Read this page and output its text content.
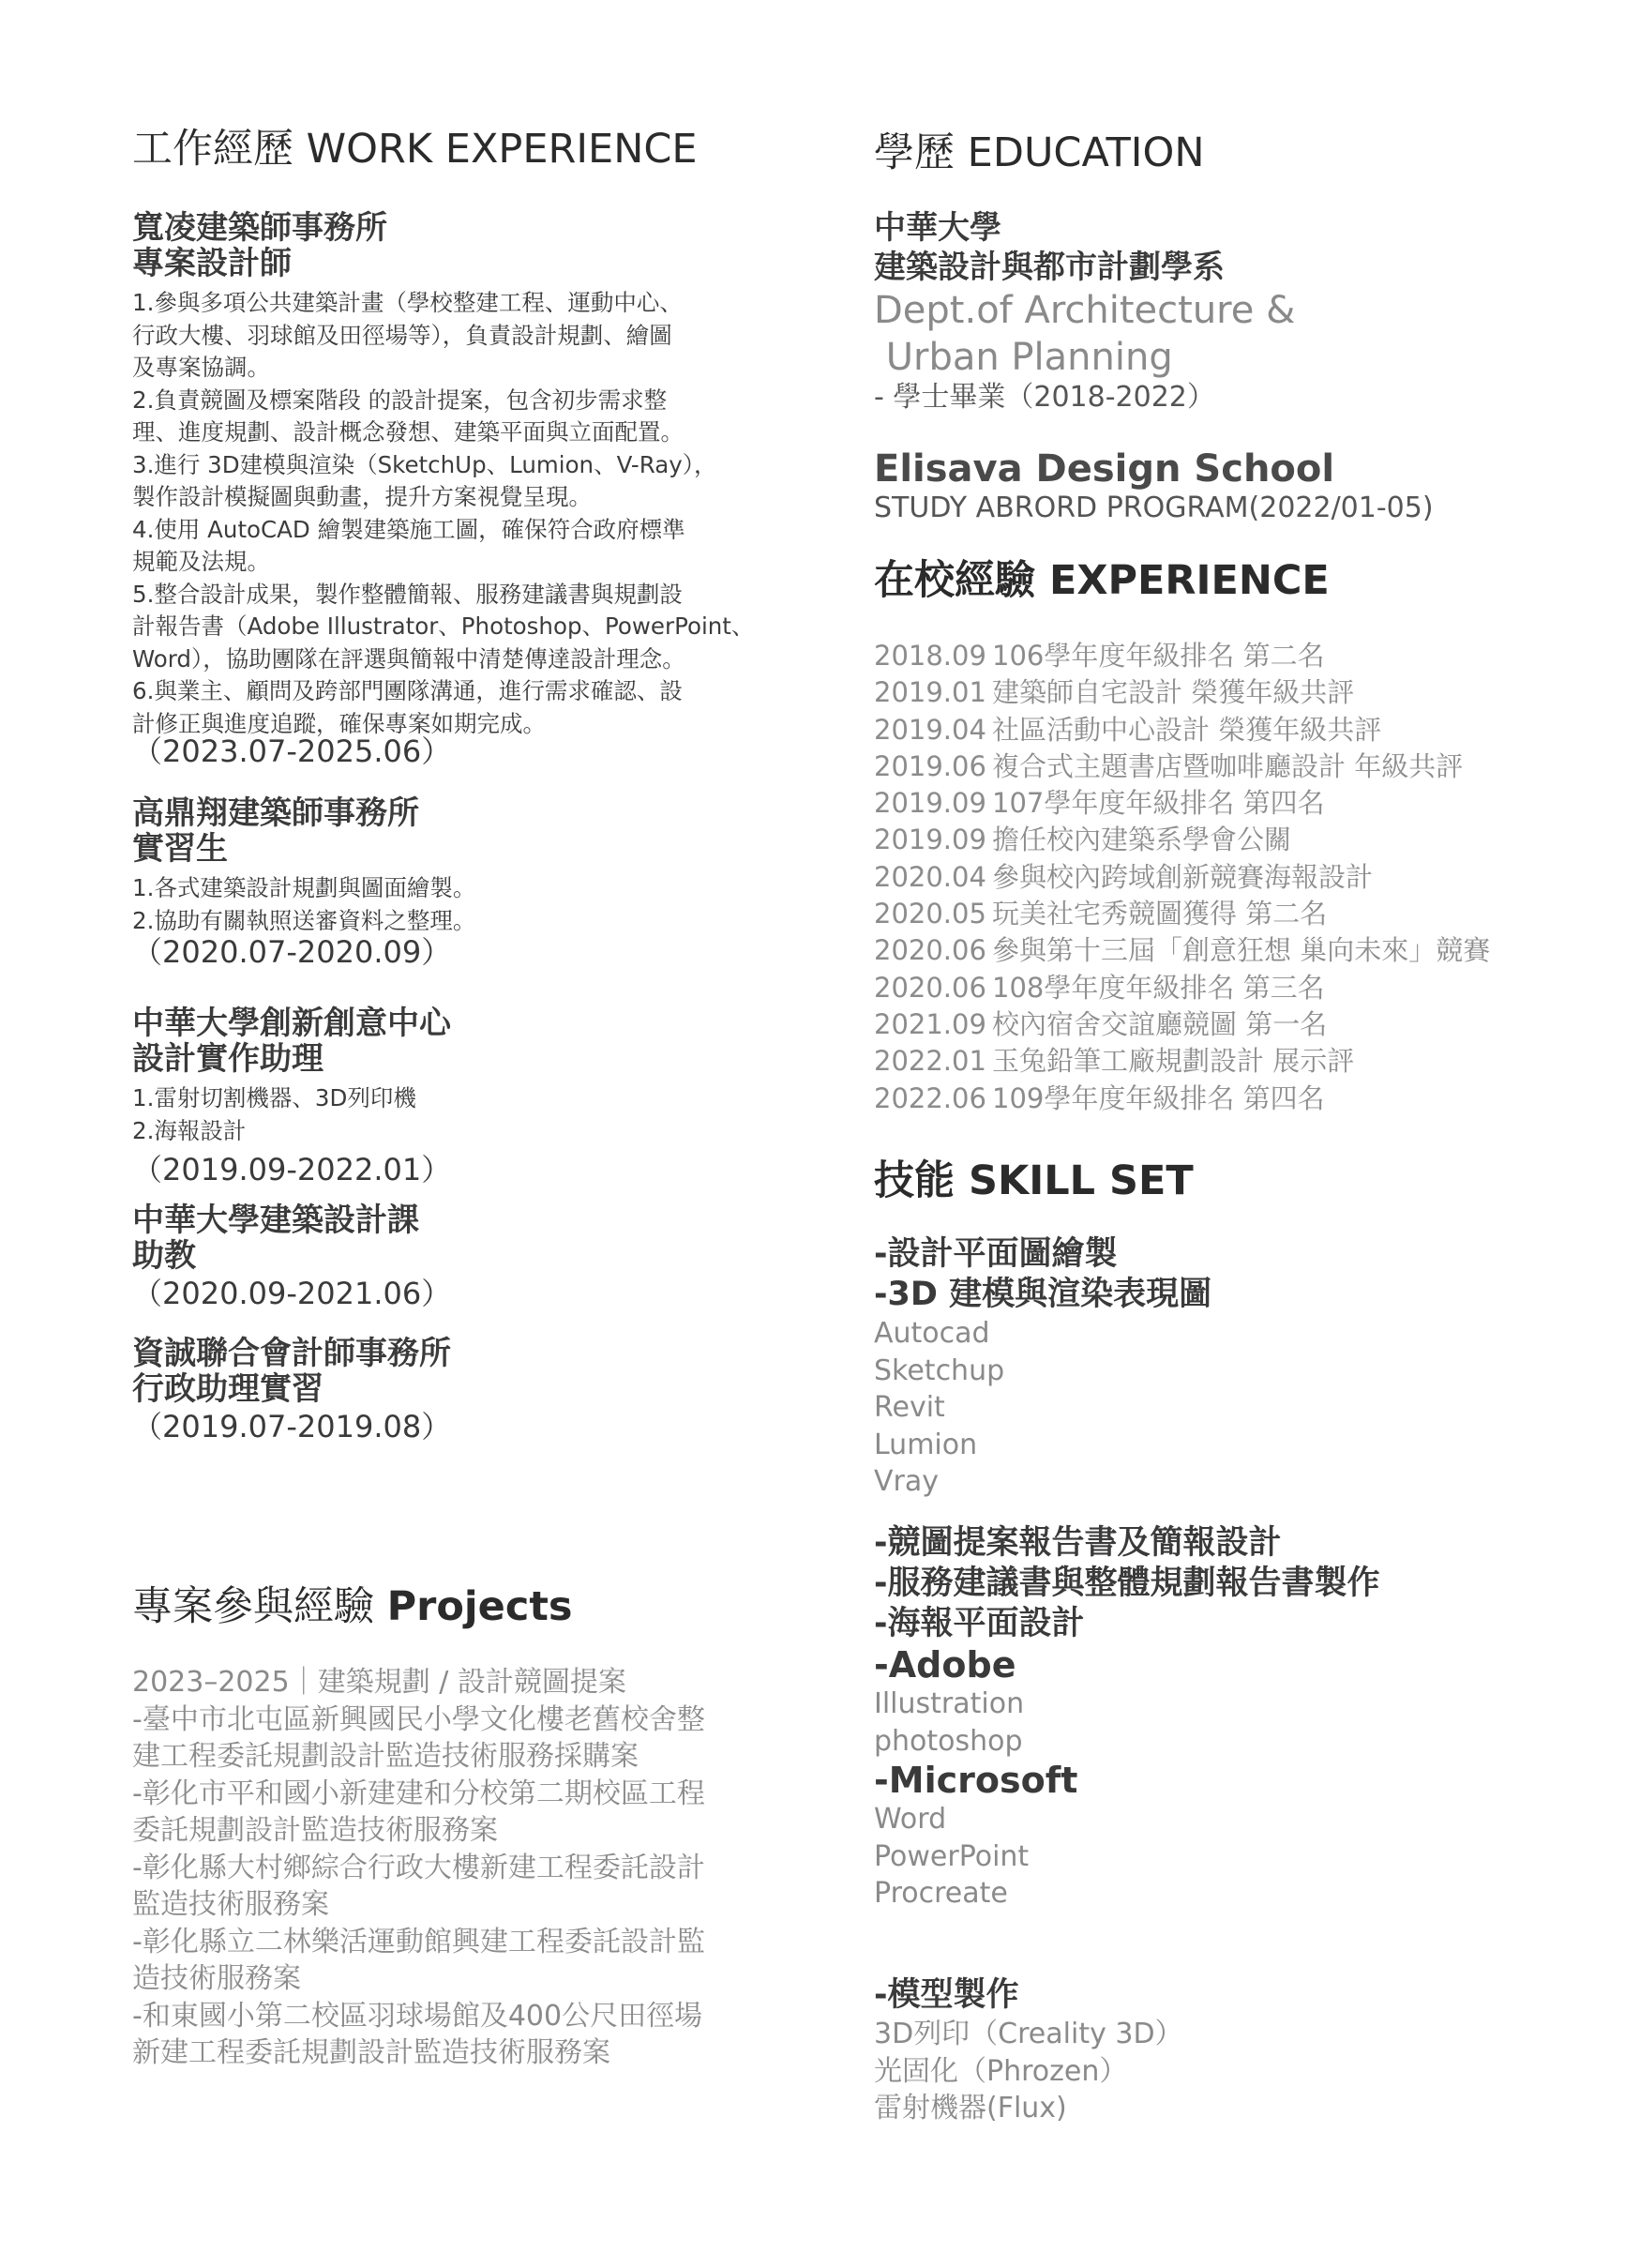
工作經歷 WORK EXPERIENCE
寬凌建築師事務所
專案設計師
1.參與多項公共建築計畫（學校整建工程、運動中心、
行政大樓、羽球館及田徑場等），負責設計規劃、繪圖
及專案協調。
2.負責競圖及標案階段 的設計提案，包含初步需求整
理、進度規劃、設計概念發想、建築平面與立面配置。
3.進行 3D建模與渲染（SketchUp、Lumion、V-Ray），
製作設計模擬圖與動畫，提升方案視覺呈現。
4.使用 AutoCAD 繪製建築施工圖，確保符合政府標準
規範及法規。
5.整合設計成果，製作整體簡報、服務建議書與規劃設
計報告書（Adobe Illustrator、Photoshop、PowerPoint、
Word），協助團隊在評選與簡報中清楚傳達設計理念。
6.與業主、顧問及跨部門團隊溝通，進行需求確認、設
計修正與進度追蹤，確保專案如期完成。
（2023.07-2025.06）
高鼎翔建築師事務所
實習生
1.各式建築設計規劃與圖面繪製。
2.協助有關執照送審資料之整理。
（2020.07-2020.09）
中華大學創新創意中心
設計實作助理
1.雷射切割機器、3D列印機
2.海報設計
（2019.09-2022.01）
中華大學建築設計課
助教
（2020.09-2021.06）
資誠聯合會計師事務所
行政助理實習
（2019.07-2019.08）
專案參與經驗 Projects
2023–2025｜建築規劃 / 設計競圖提案
-臺中市北屯區新興國民小學文化樓老舊校舍整
建工程委託規劃設計監造技術服務採購案
-彰化市平和國小新建建和分校第二期校區工程
委託規劃設計監造技術服務案
-彰化縣大村鄉綜合行政大樓新建工程委託設計
監造技術服務案
-彰化縣立二林樂活運動館興建工程委託設計監
造技術服務案
-和東國小第二校區羽球場館及400公尺田徑場
新建工程委託規劃設計監造技術服務案
學歷 EDUCATION
中華大學
建築設計與都市計劃學系
Dept.of Architecture &
Urban Planning
- 學士畢業（2018-2022）
Elisava Design School
STUDY ABRORD PROGRAM(2022/01-05)
在校經驗 EXPERIENCE
2018.09 106學年度年級排名 第二名
2019.01 建築師自宅設計 榮獲年級共評
2019.04 社區活動中心設計 榮獲年級共評
2019.06 複合式主題書店暨咖啡廳設計 年級共評
2019.09 107學年度年級排名 第四名
2019.09 擔任校內建築系學會公關
2020.04 參與校內跨域創新競賽海報設計
2020.05 玩美社宅秀競圖獲得 第二名
2020.06 參與第十三屆「創意狂想 巢向未來」競賽
2020.06 108學年度年級排名 第三名
2021.09 校內宿舍交誼廳競圖 第一名
2022.01 玉兔鉛筆工廠規劃設計 展示評
2022.06 109學年度年級排名 第四名
技能 SKILL SET
-設計平面圖繪製
-3D 建模與渲染表現圖
Autocad
Sketchup
Revit
Lumion
Vray
-競圖提案報告書及簡報設計
-服務建議書與整體規劃報告書製作
-海報平面設計
-Adobe
Illustration
photoshop
-Microsoft
Word
PowerPoint
Procreate
-模型製作
3D列印（Creality 3D）
光固化（Phrozen）
雷射機器(Flux)
